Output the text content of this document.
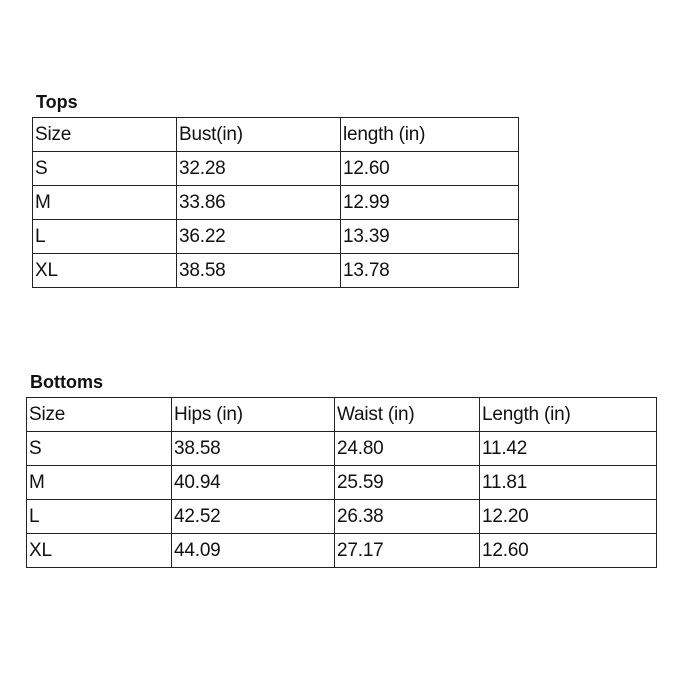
Tops
Size	Bust(in)	length (in)
S	32.28	12.60
M	33.86	12.99
L	36.22	13.39
XL	38.58	13.78
Bottoms
Size	Hips (in)	Waist (in)	Length (in)
S	38.58	24.80	11.42
M	40.94	25.59	11.81
L	42.52	26.38	12.20
XL	44.09	27.17	12.60
